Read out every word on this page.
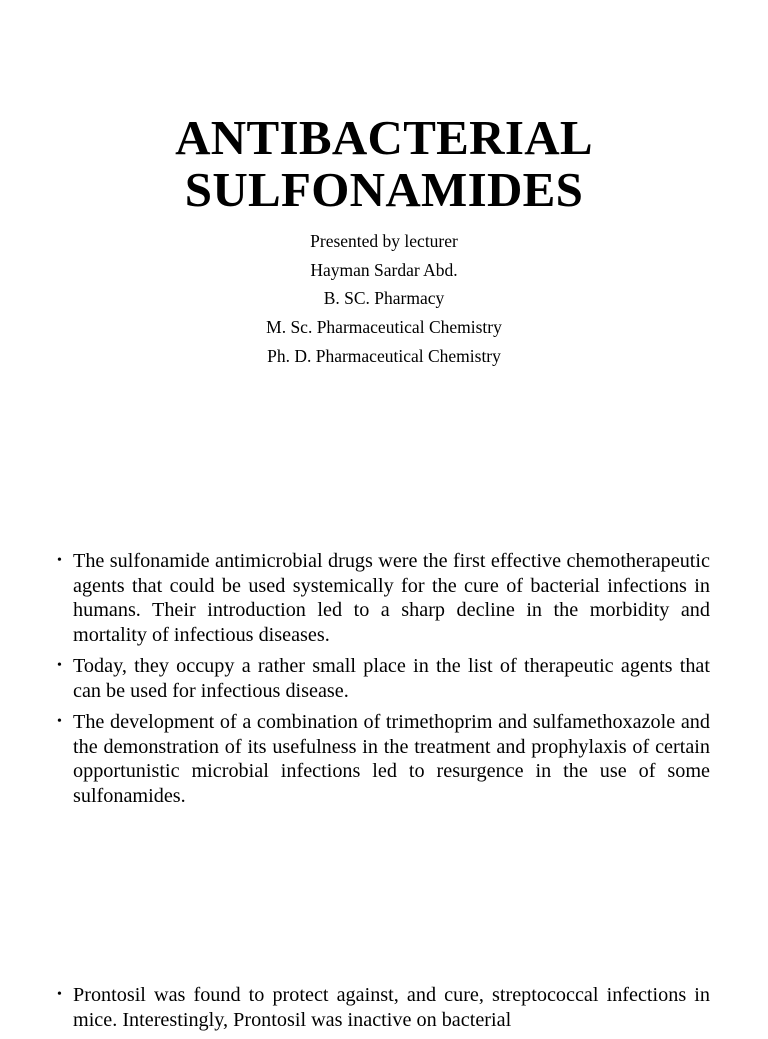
ANTIBACTERIAL
SULFONAMIDES

Presented by lecturer

Hayman Sardar Abd.

B. SC. Pharmacy

M. Sc. Pharmaceutical Chemistry

Ph. D. Pharmaceutical Chemistry

• The sulfonamide antimicrobial drugs were the first effective chemotherapeutic agents that could be used systemically for the cure of bacterial infections in humans. Their introduction led to a sharp decline in the morbidity and mortality of infectious diseases.
• Today, they occupy a rather small place in the list of therapeutic agents that can be used for infectious disease.
• The development of a combination of trimethoprim and sulfamethoxazole and the demonstration of its usefulness in the treatment and prophylaxis of certain opportunistic microbial infections led to resurgence in the use of some sulfonamides.
• Prontosil was found to protect against, and cure, streptococcal infections in mice. Interestingly, Prontosil was inactive on bacterial
